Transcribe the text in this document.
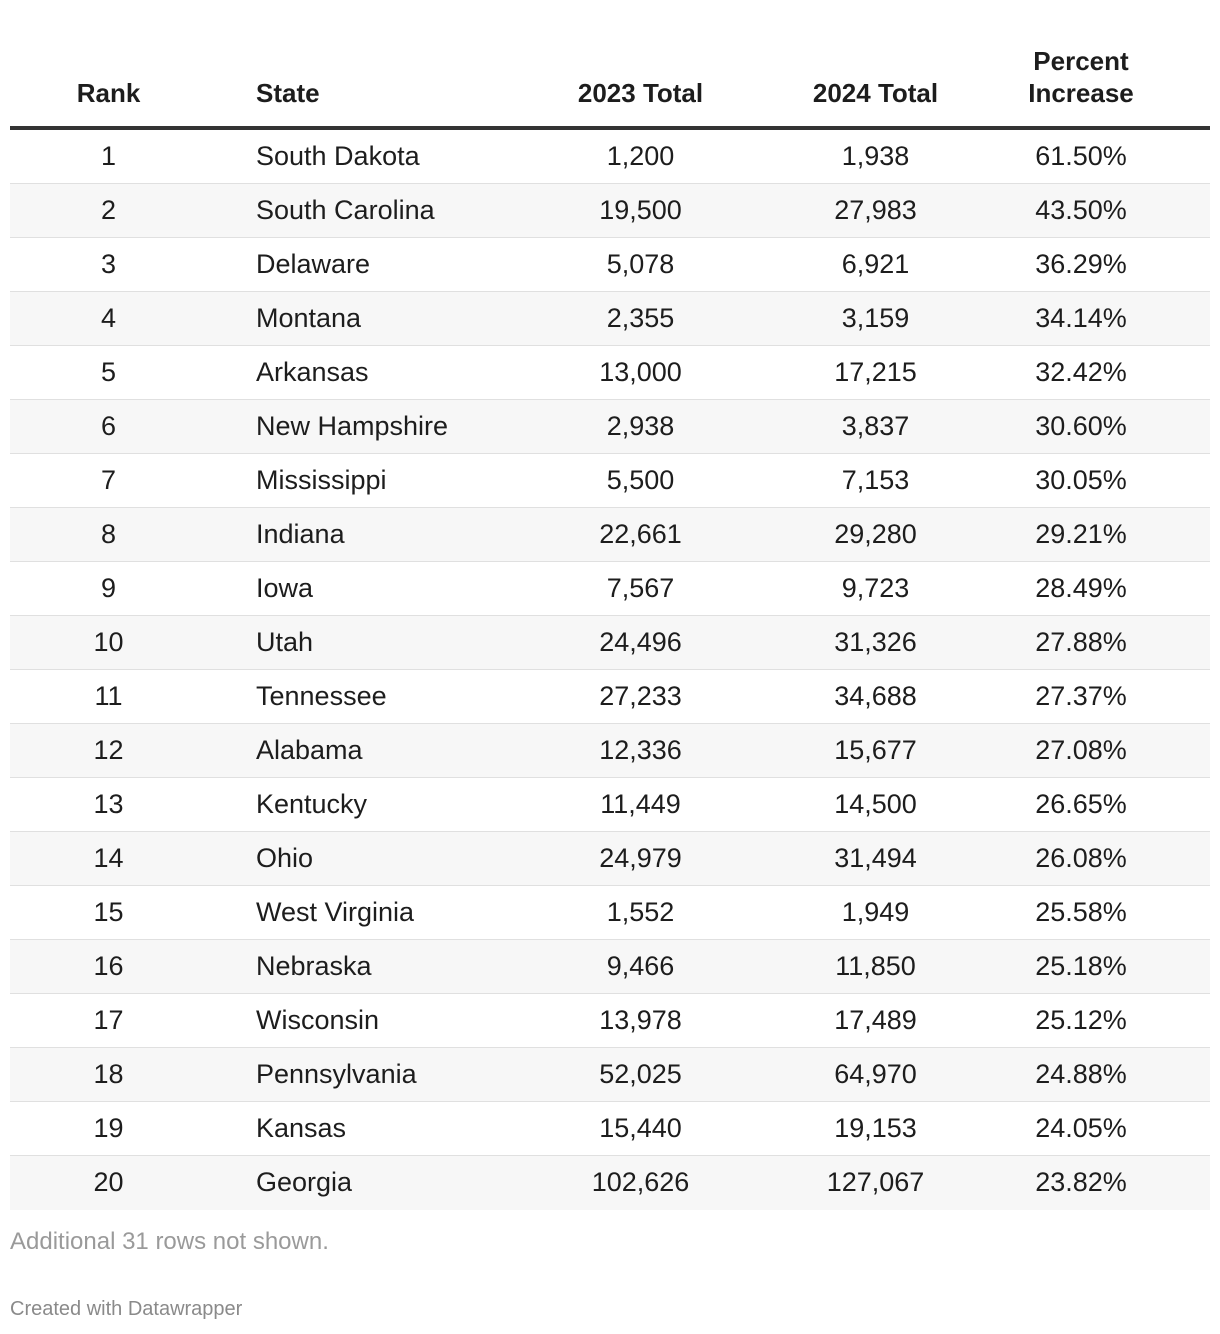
Rank	State	2023 Total	2024 Total	Percent
Increase
1	South Dakota	1,200	1,938	61.50%
2	South Carolina	19,500	27,983	43.50%
3	Delaware	5,078	6,921	36.29%
4	Montana	2,355	3,159	34.14%
5	Arkansas	13,000	17,215	32.42%
6	New Hampshire	2,938	3,837	30.60%
7	Mississippi	5,500	7,153	30.05%
8	Indiana	22,661	29,280	29.21%
9	Iowa	7,567	9,723	28.49%
10	Utah	24,496	31,326	27.88%
11	Tennessee	27,233	34,688	27.37%
12	Alabama	12,336	15,677	27.08%
13	Kentucky	11,449	14,500	26.65%
14	Ohio	24,979	31,494	26.08%
15	West Virginia	1,552	1,949	25.58%
16	Nebraska	9,466	11,850	25.18%
17	Wisconsin	13,978	17,489	25.12%
18	Pennsylvania	52,025	64,970	24.88%
19	Kansas	15,440	19,153	24.05%
20	Georgia	102,626	127,067	23.82%
Additional 31 rows not shown.
Created with Datawrapper
